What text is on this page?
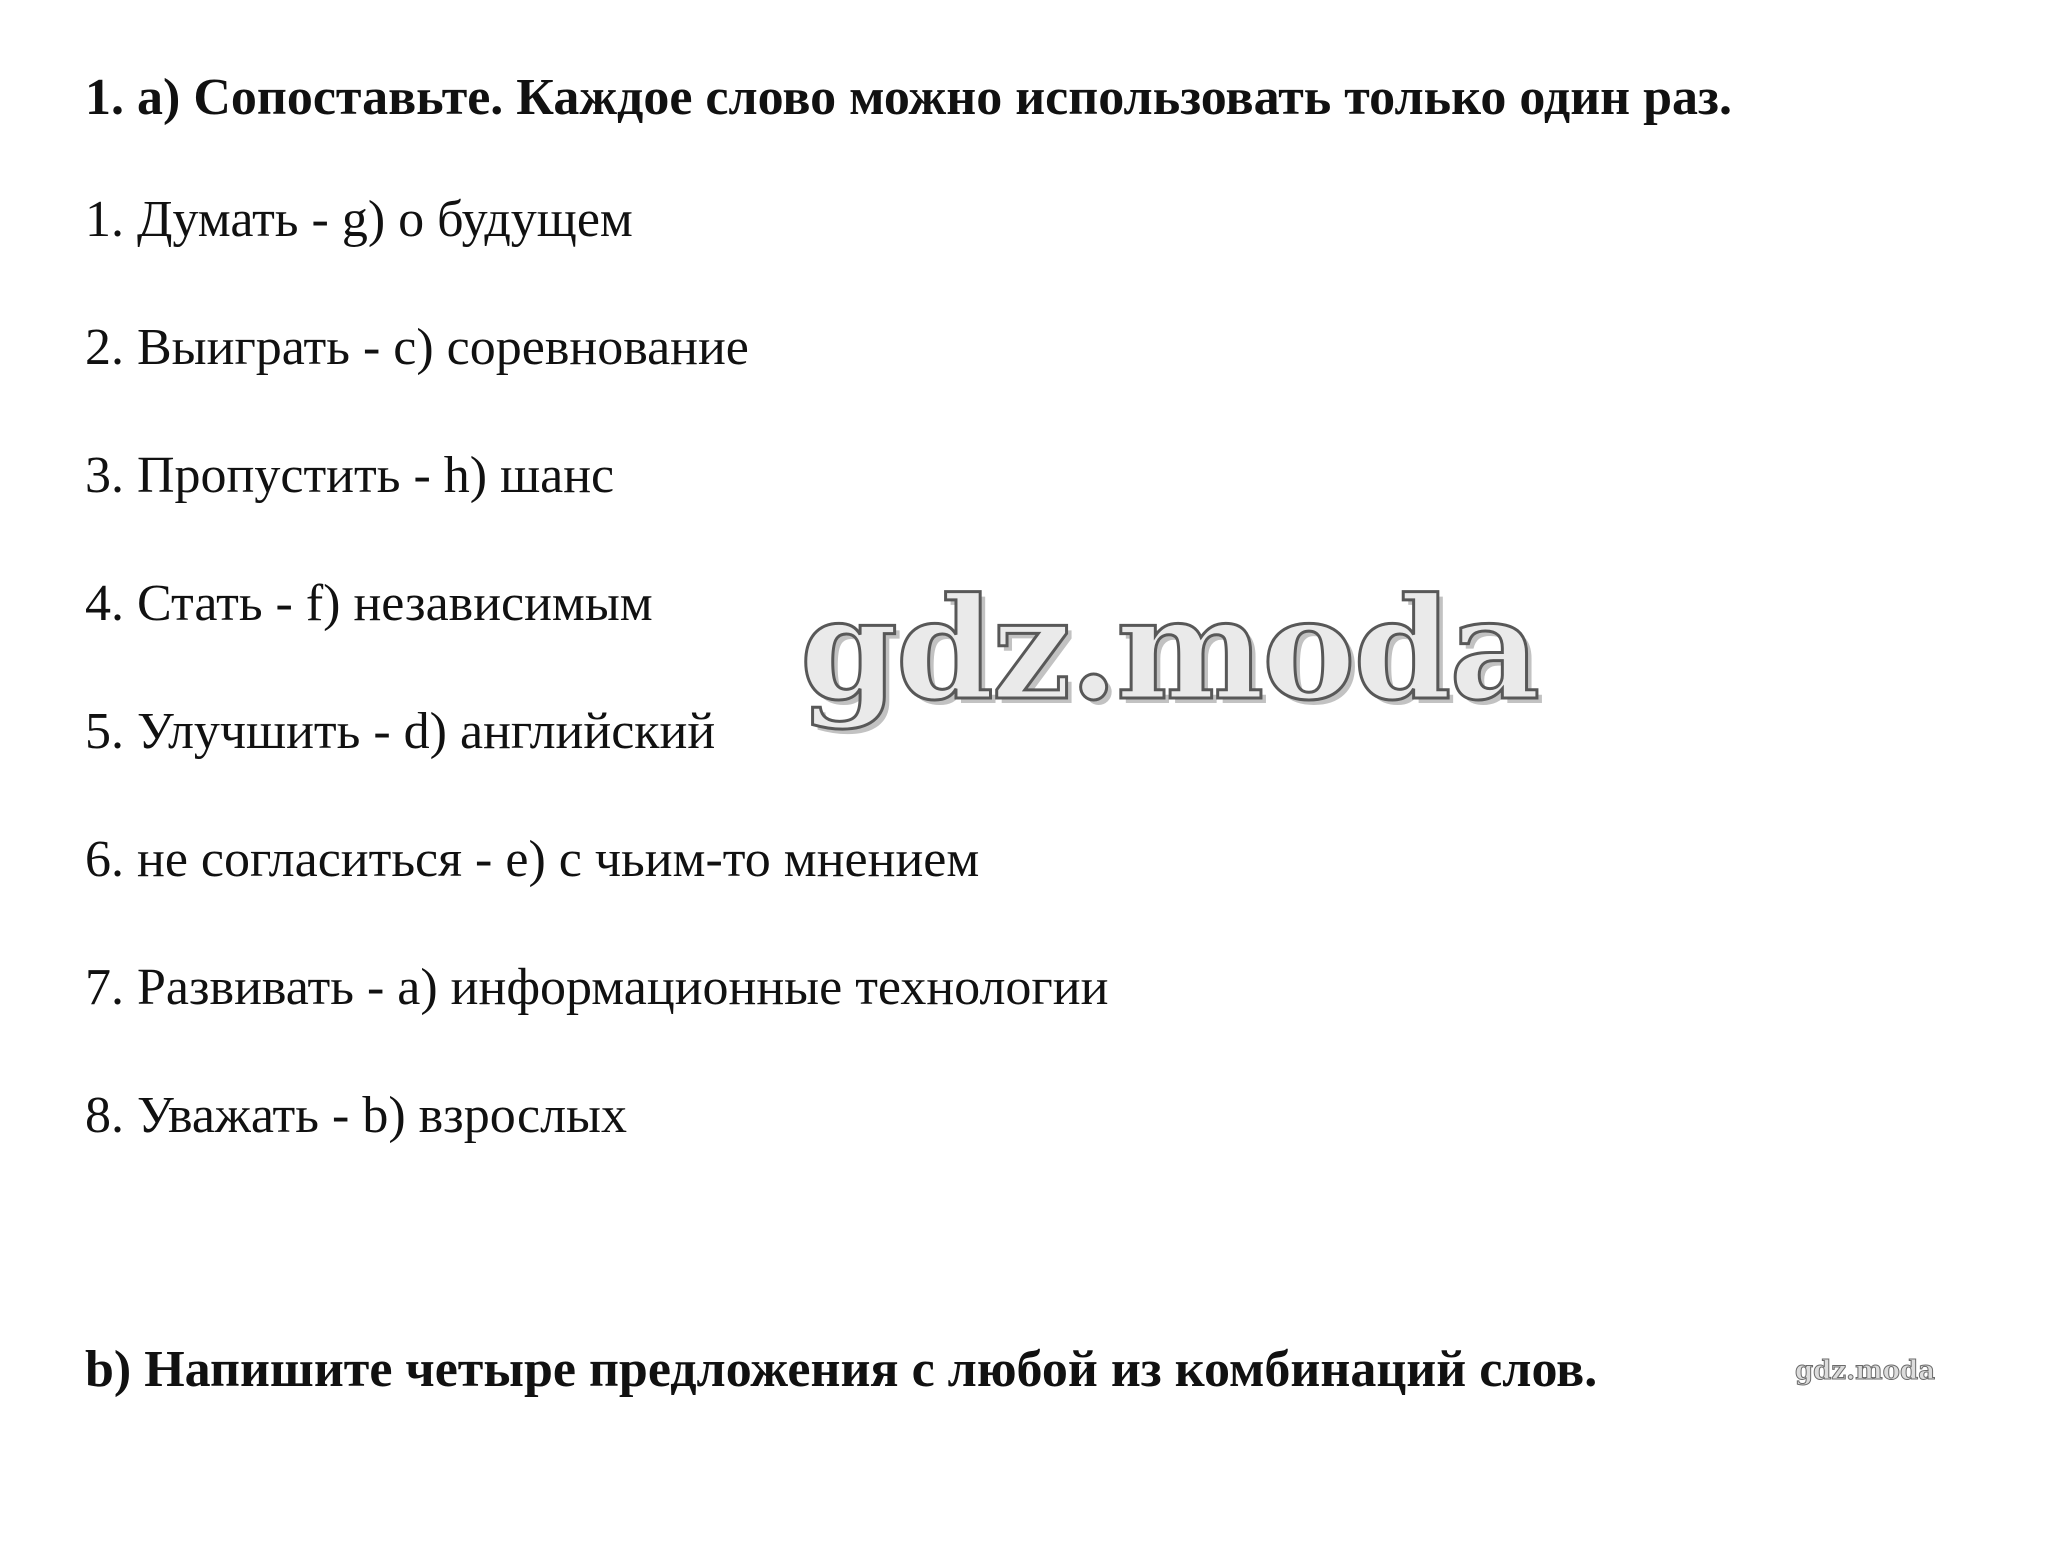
1. a) Сопоставьте. Каждое слово можно использовать только один раз.

1. Думать - g) о будущем
2. Выиграть - c) соревнование
3. Пропустить - h) шанс
4. Стать - f) независимым
5. Улучшить - d) английский
6. не согласиться - e) с чьим-то мнением
7. Развивать - a) информационные технологии
8. Уважать - b) взрослых

b) Напишите четыре предложения с любой из комбинаций слов.

gdz.moda
gdz.moda
